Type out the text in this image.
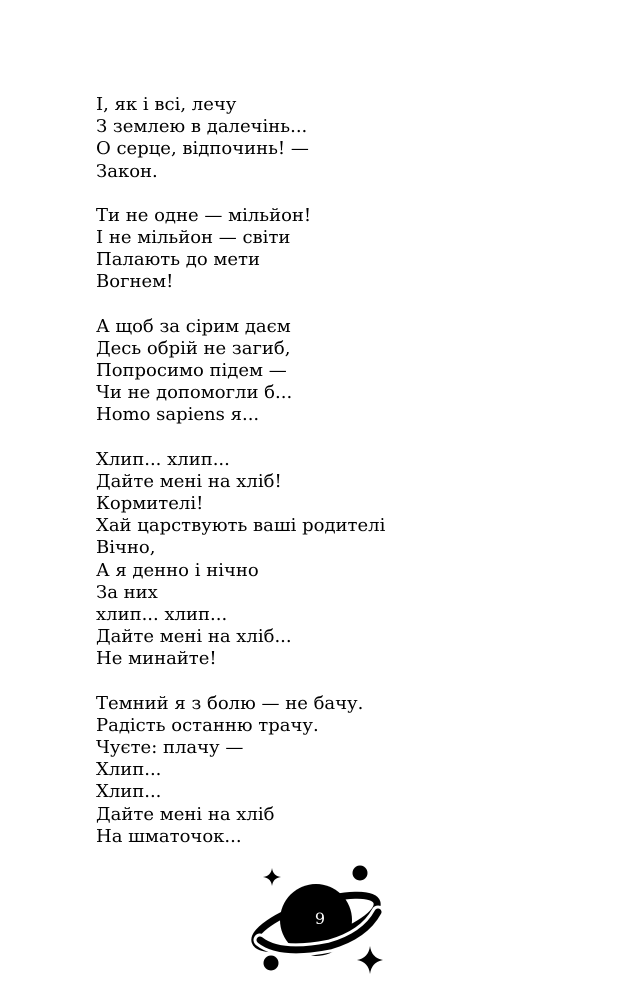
І, як і всі, лечу
З землею в далечінь...
О серце, відпочинь! —
Закон.
Ти не одне — мільйон!
І не мільйон — світи
Палають до мети
Вогнем!
А щоб за сірим даєм
Десь обрій не загиб,
Попросимо підем —
Чи не допомогли б...
Homo sapiens я...
Хлип... хлип...
Дайте мені на хліб!
Кормителі!
Хай царствують ваші родителі
Вічно,
А я денно і нічно
За них
хлип... хлип...
Дайте мені на хліб...
Не минайте!
Темний я з болю — не бачу.
Радість останню трачу.
Чуєте: плачу —
Хлип...
Хлип...
Дайте мені на хліб
На шматочок...
9
